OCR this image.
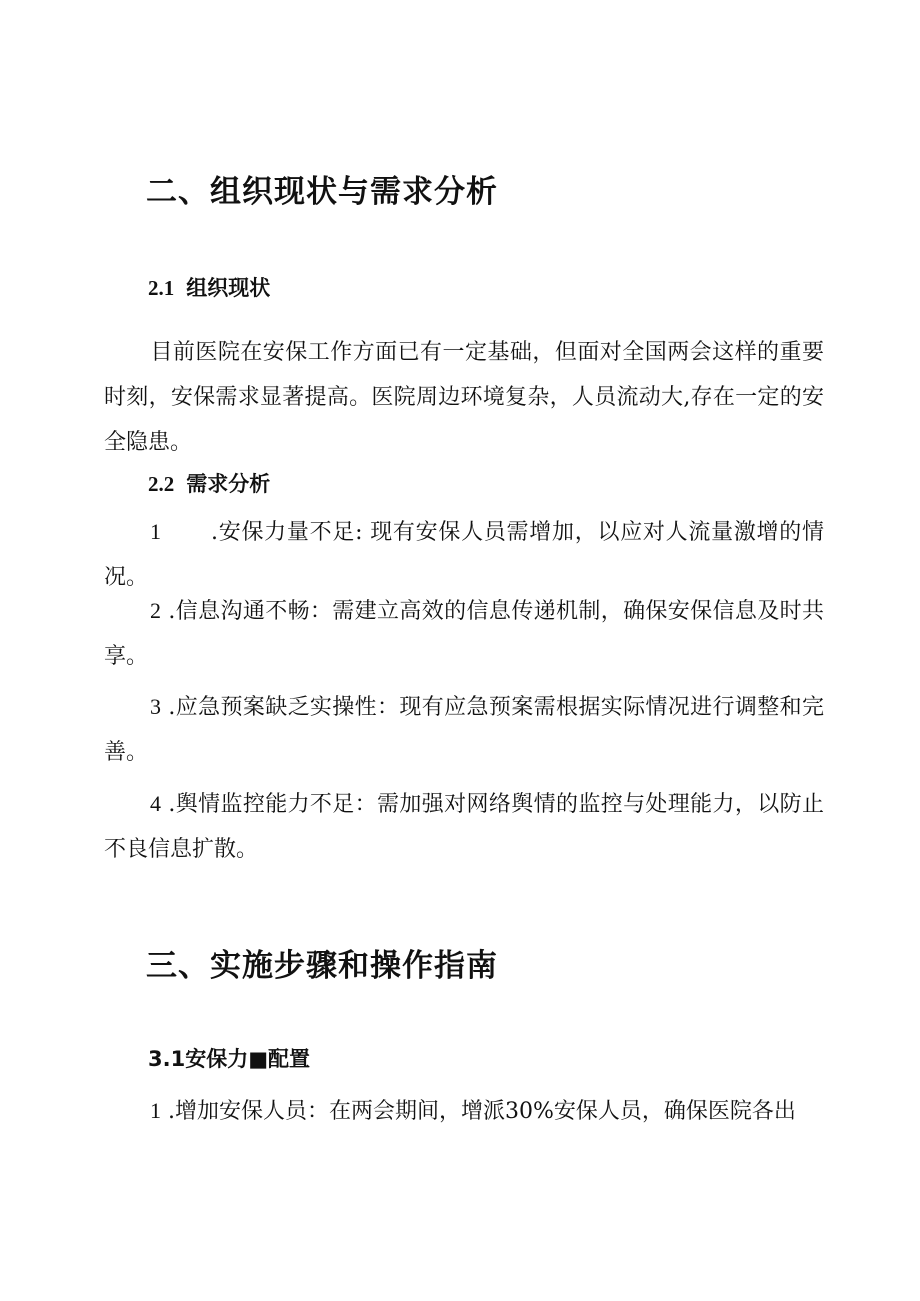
二、组织现状与需求分析
2.1 组织现状

目前医院在安保工作方面已有一定基础，但面对全国两会这样的重要时刻，安保需求显著提高。医院周边环境复杂，人员流动大,存在一定的安全隐患。

2.2 需求分析

1 .安保力量不足: 现有安保人员需增加，以应对人流量激增的情况。

2 .信息沟通不畅：需建立高效的信息传递机制，确保安保信息及时共享。

3 .应急预案缺乏实操性：现有应急预案需根据实际情况进行调整和完善。

4 .舆情监控能力不足：需加强对网络舆情的监控与处理能力，以防止不良信息扩散。

三、实施步骤和操作指南
3.1安保力■配置

1 .增加安保人员：在两会期间，增派30%安保人员，确保医院各出
